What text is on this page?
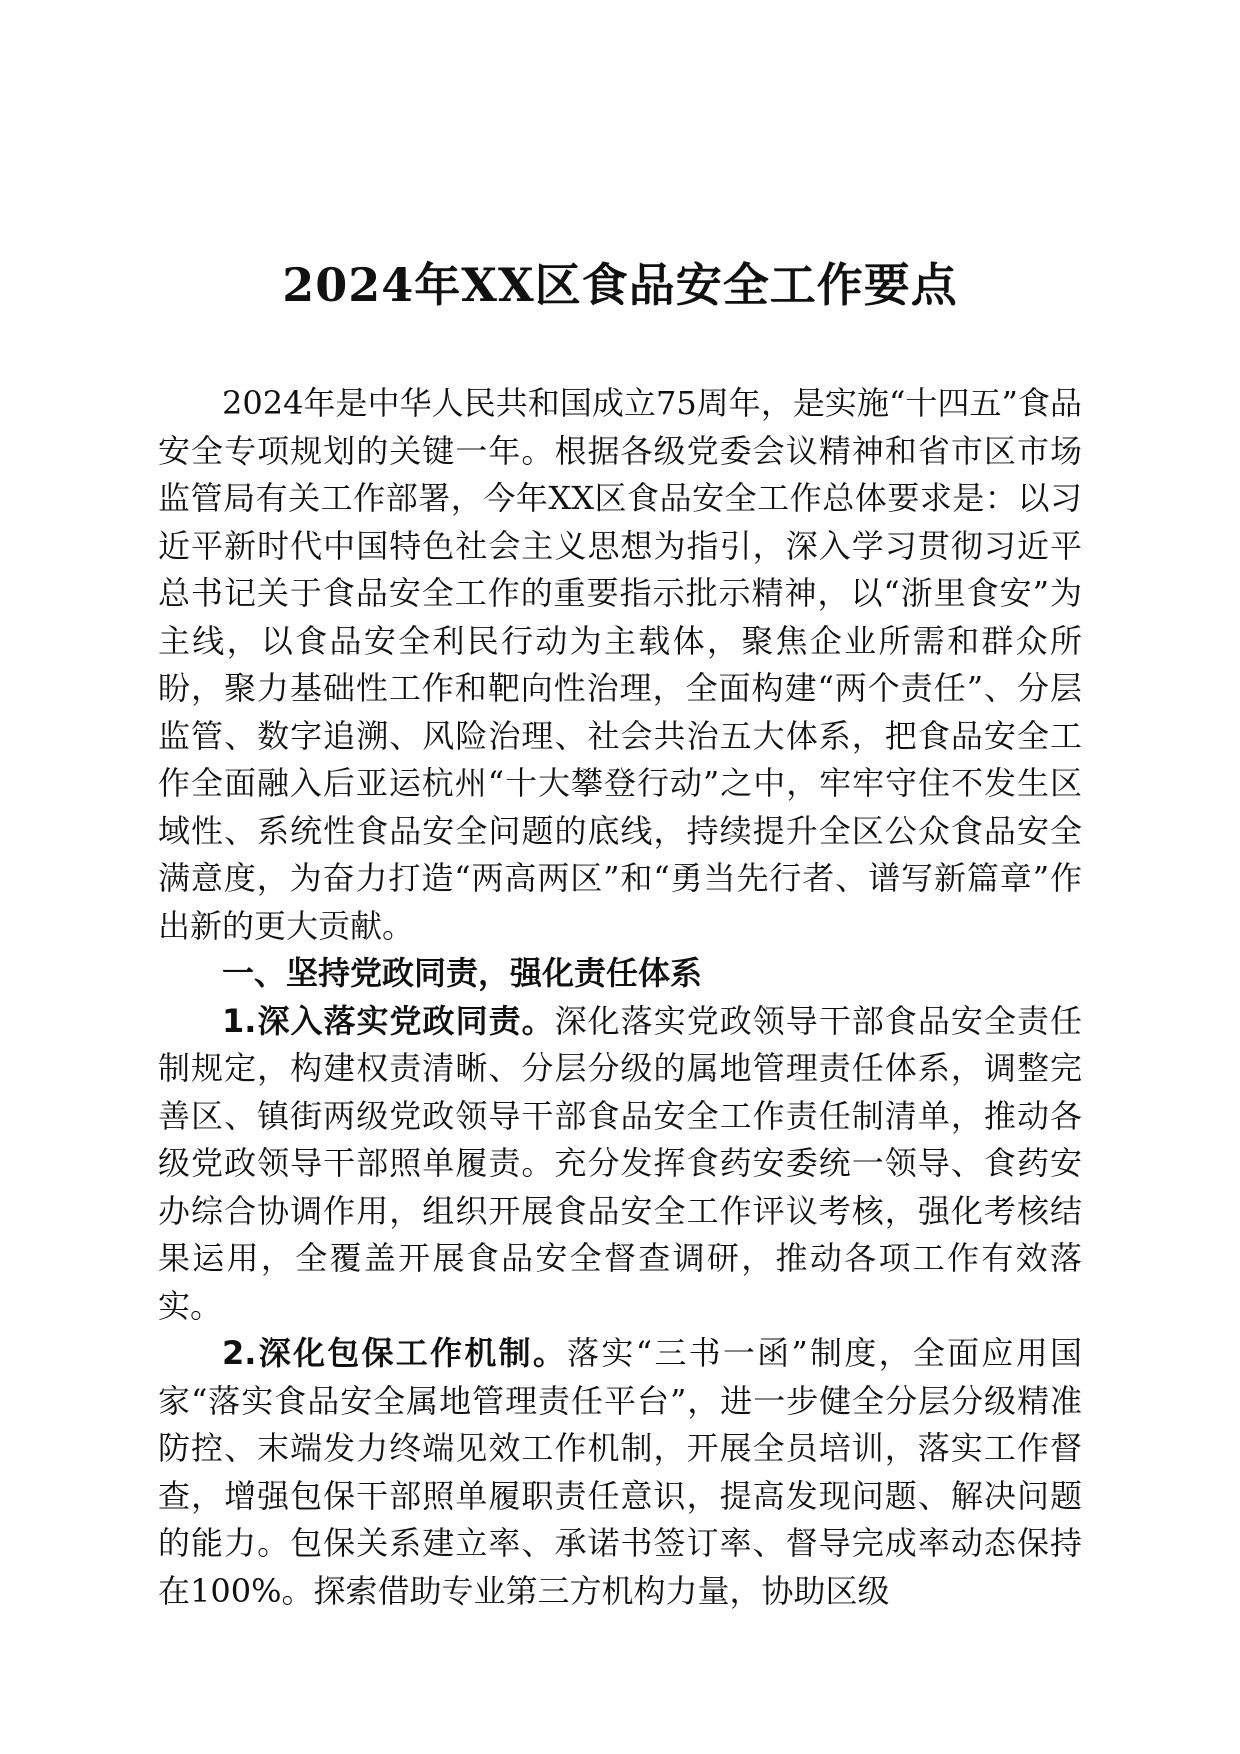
2024年XX区食品安全工作要点

2024年是中华人民共和国成立75周年，是实施“十四五”食品安全专项规划的关键一年。根据各级党委会议精神和省市区市场监管局有关工作部署，今年XX区食品安全工作总体要求是：以习近平新时代中国特色社会主义思想为指引，深入学习贯彻习近平总书记关于食品安全工作的重要指示批示精神，以“浙里食安”为主线，以食品安全利民行动为主载体，聚焦企业所需和群众所盼，聚力基础性工作和靶向性治理，全面构建“两个责任”、分层监管、数字追溯、风险治理、社会共治五大体系，把食品安全工作全面融入后亚运杭州“十大攀登行动”之中，牢牢守住不发生区域性、系统性食品安全问题的底线，持续提升全区公众食品安全满意度，为奋力打造“两高两区”和“勇当先行者、谱写新篇章”作出新的更大贡献。

一、坚持党政同责，强化责任体系

1.深入落实党政同责。深化落实党政领导干部食品安全责任制规定，构建权责清晰、分层分级的属地管理责任体系，调整完善区、镇街两级党政领导干部食品安全工作责任制清单，推动各级党政领导干部照单履责。充分发挥食药安委统一领导、食药安办综合协调作用，组织开展食品安全工作评议考核，强化考核结果运用，全覆盖开展食品安全督查调研，推动各项工作有效落实。

2.深化包保工作机制。落实“三书一函”制度，全面应用国家“落实食品安全属地管理责任平台”，进一步健全分层分级精准防控、末端发力终端见效工作机制，开展全员培训，落实工作督查，增强包保干部照单履职责任意识，提高发现问题、解决问题的能力。包保关系建立率、承诺书签订率、督导完成率动态保持在100%。探索借助专业第三方机构力量，协助区级
